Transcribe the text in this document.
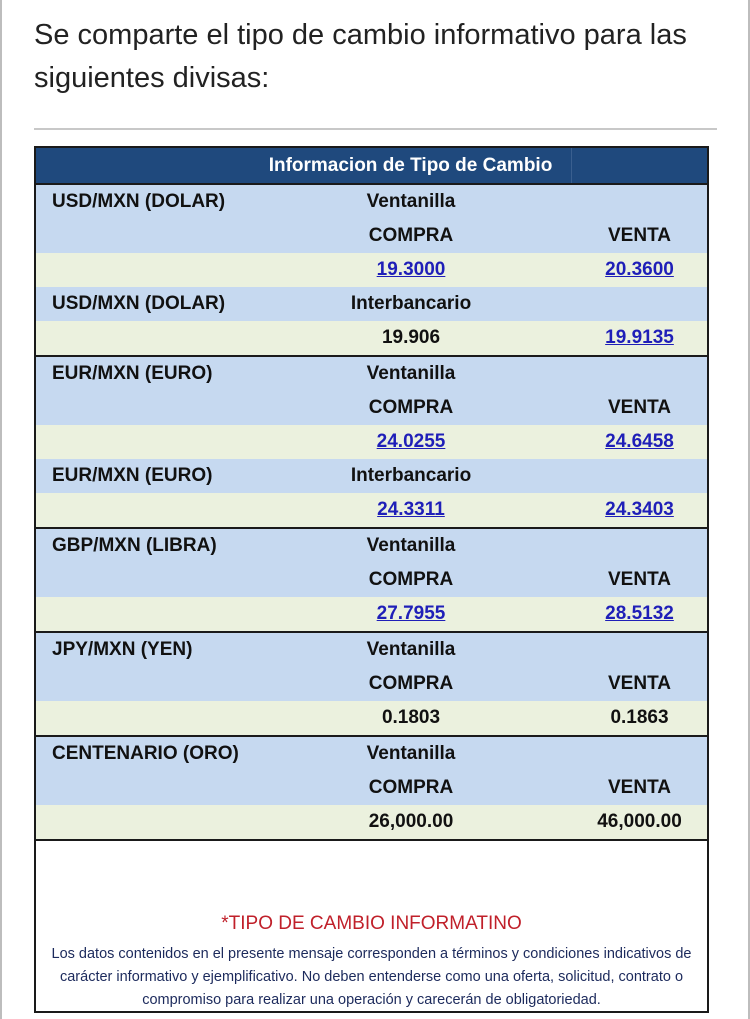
Se comparte el tipo de cambio informativo para las siguientes divisas:
Informacion de Tipo de Cambio
USD/MXN (DOLAR)	Ventanilla
COMPRA	VENTA
19.3000	20.3600
USD/MXN (DOLAR)	Interbancario
19.906	19.9135
EUR/MXN (EURO)	Ventanilla
COMPRA	VENTA
24.0255	24.6458
EUR/MXN (EURO)	Interbancario
24.3311	24.3403
GBP/MXN (LIBRA)	Ventanilla
COMPRA	VENTA
27.7955	28.5132
JPY/MXN (YEN)	Ventanilla
COMPRA	VENTA
0.1803	0.1863
CENTENARIO (ORO)	Ventanilla
COMPRA	VENTA
26,000.00	46,000.00
*TIPO DE CAMBIO INFORMATINO
Los datos contenidos en el presente mensaje corresponden a términos y condiciones indicativos de carácter informativo y ejemplificativo. No deben entenderse como una oferta, solicitud, contrato o compromiso para realizar una operación y carecerán de obligatoriedad.
